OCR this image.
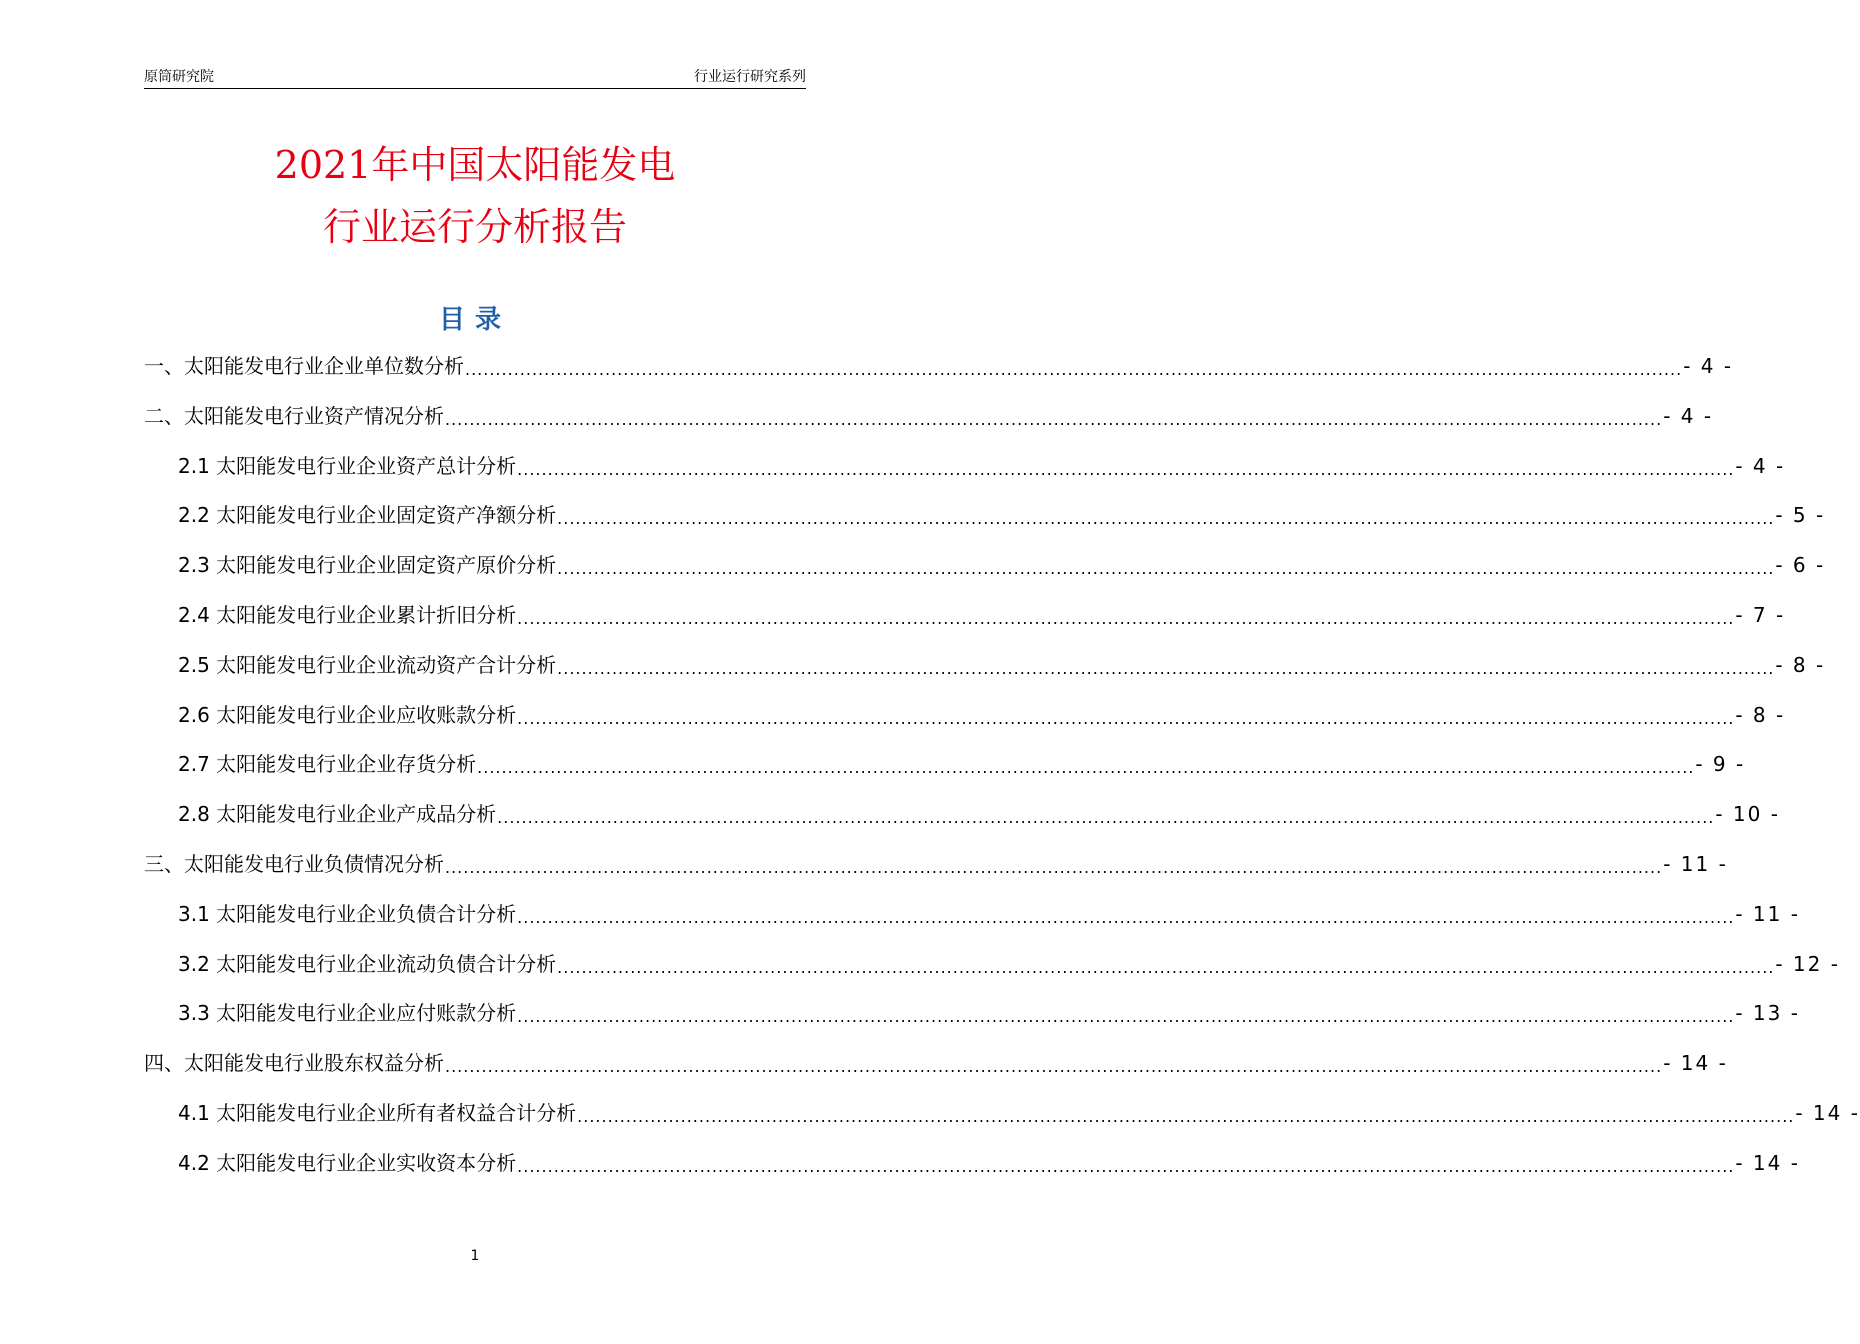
原筒研究院	行业运行研究系列
2021年中国太阳能发电
行业运行分析报告
目录
一、太阳能发电行业企业单位数分析 ........................................................................................................................................................................................................ - 4 -
二、太阳能发电行业资产情况分析 ........................................................................................................................................................................................................ - 4 -
2.1 太阳能发电行业企业资产总计分析 ........................................................................................................................................................................................................ - 4 -
2.2 太阳能发电行业企业固定资产净额分析 ........................................................................................................................................................................................................ - 5 -
2.3 太阳能发电行业企业固定资产原价分析 ........................................................................................................................................................................................................ - 6 -
2.4 太阳能发电行业企业累计折旧分析 ........................................................................................................................................................................................................ - 7 -
2.5 太阳能发电行业企业流动资产合计分析 ........................................................................................................................................................................................................ - 8 -
2.6 太阳能发电行业企业应收账款分析 ........................................................................................................................................................................................................ - 8 -
2.7 太阳能发电行业企业存货分析 ........................................................................................................................................................................................................ - 9 -
2.8 太阳能发电行业企业产成品分析 ........................................................................................................................................................................................................ - 10 -
三、太阳能发电行业负债情况分析 ........................................................................................................................................................................................................ - 11 -
3.1 太阳能发电行业企业负债合计分析 ........................................................................................................................................................................................................ - 11 -
3.2 太阳能发电行业企业流动负债合计分析 ........................................................................................................................................................................................................ - 12 -
3.3 太阳能发电行业企业应付账款分析 ........................................................................................................................................................................................................ - 13 -
四、太阳能发电行业股东权益分析 ........................................................................................................................................................................................................ - 14 -
4.1 太阳能发电行业企业所有者权益合计分析 ........................................................................................................................................................................................................ - 14 -
4.2 太阳能发电行业企业实收资本分析 ........................................................................................................................................................................................................ - 14 -
1
